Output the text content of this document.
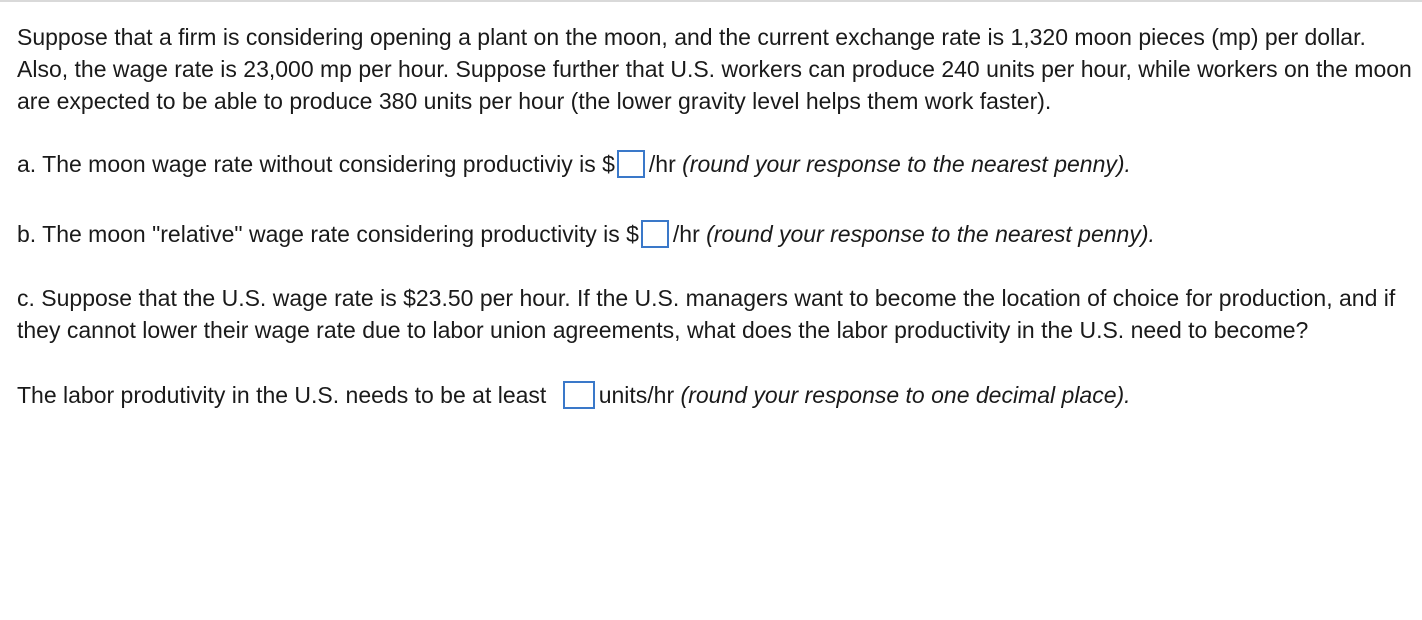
Suppose that a firm is considering opening a plant on the moon, and the current exchange rate is 1,320 moon pieces (mp) per dollar. Also, the wage rate is 23,000 mp per hour. Suppose further that U.S. workers can produce 240 units per hour, while workers on the moon are expected to be able to produce 380 units per hour (the lower gravity level helps them work faster).

a. The moon wage rate without considering productiviy is $ /hr (round your response to the nearest penny).

b. The moon "relative" wage rate considering productivity is $ /hr (round your response to the nearest penny).

c. Suppose that the U.S. wage rate is $23.50 per hour. If the U.S. managers want to become the location of choice for production, and if they cannot lower their wage rate due to labor union agreements, what does the labor productivity in the U.S. need to become?

The labor produtivity in the U.S. needs to be at least units/hr (round your response to one decimal place).
